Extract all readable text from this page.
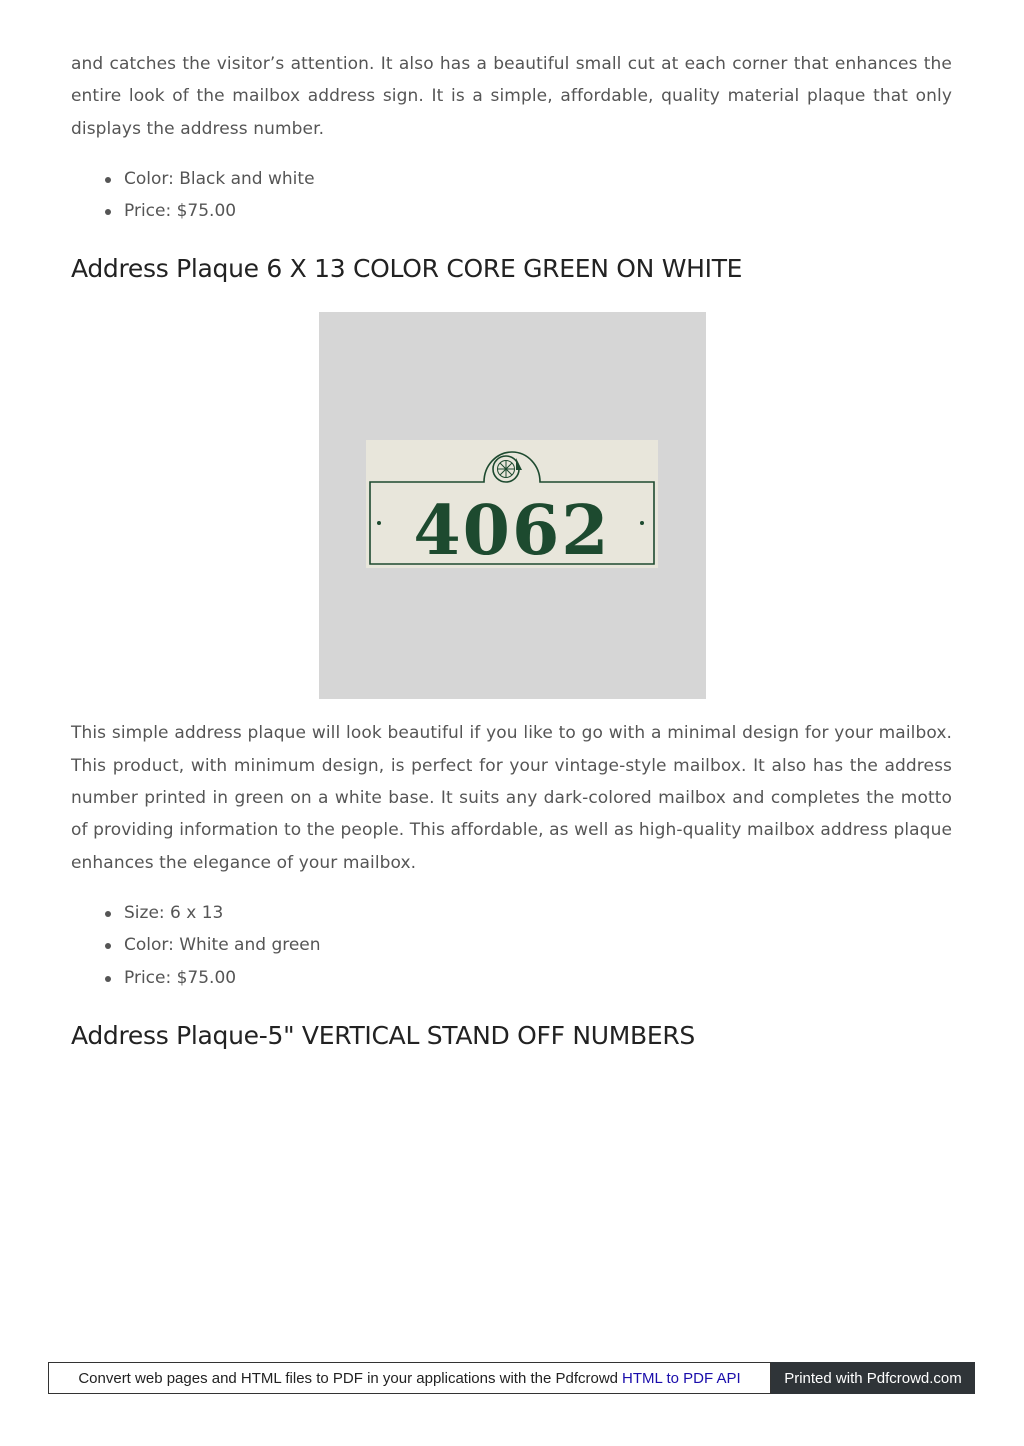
and catches the visitor’s attention. It also has a beautiful small cut at each corner that enhances the entire look of the mailbox address sign. It is a simple, affordable, quality material plaque that only displays the address number.

Color: Black and white
Price: $75.00
Address Plaque 6 X 13 COLOR CORE GREEN ON WHITE
4062

This simple address plaque will look beautiful if you like to go with a minimal design for your mailbox. This product, with minimum design, is perfect for your vintage-style mailbox. It also has the address number printed in green on a white base. It suits any dark-colored mailbox and completes the motto of providing information to the people. This affordable, as well as high-quality mailbox address plaque enhances the elegance of your mailbox.

Size: 6 x 13
Color: White and green
Price: $75.00
Address Plaque-5" VERTICAL STAND OFF NUMBERS
Convert web pages and HTML files to PDF in your applications with the Pdfcrowd HTML to PDF API	Printed with Pdfcrowd.com
